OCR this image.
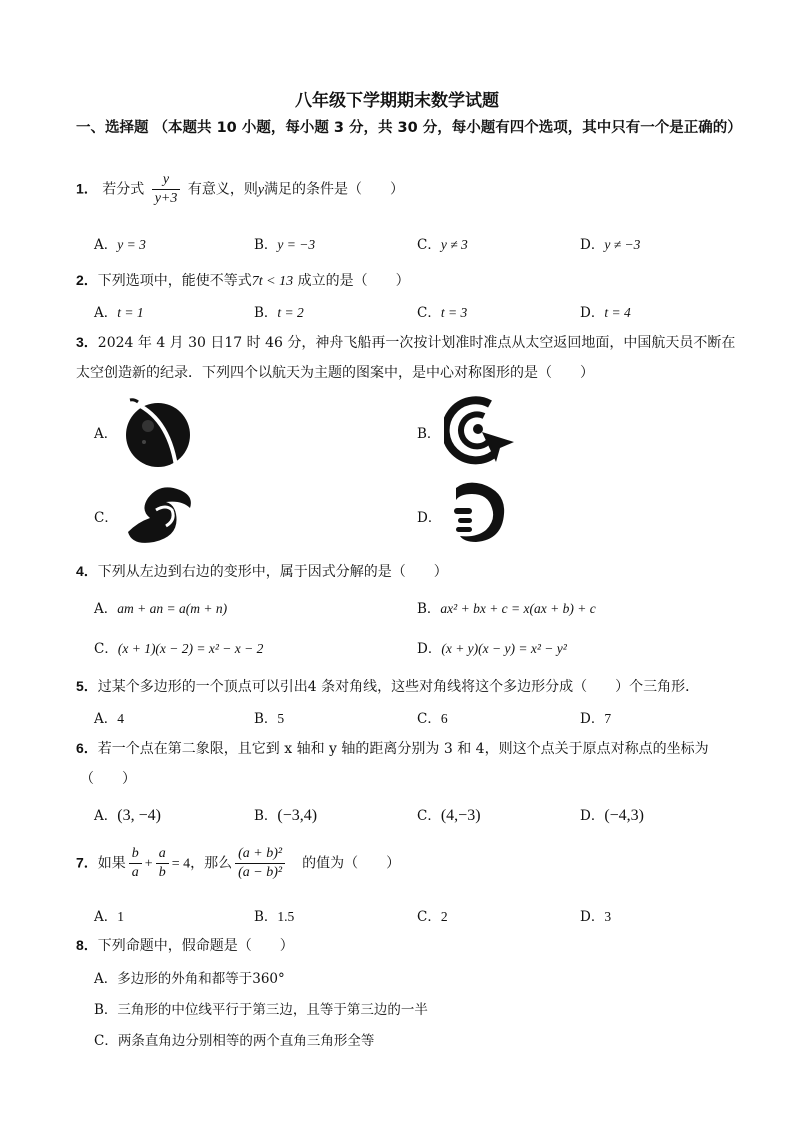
八年级下学期期末数学试题
一、选择题 （本题共 10 小题，每小题 3 分，共 30 分，每小题有四个选项，其中只有一个是正确的）
1． 若分式 $\frac{y}{y+3}$ 有意义，则y满足的条件是（　　）
A．y = 3	B．y = −3	C．y ≠ 3	D．y ≠ −3
2．下列选项中，能使不等式7t < 13 成立的是（　　）
A．t = 1	B．t = 2	C．t = 3	D．t = 4
3．2024 年 4 月 30 日17 时 46 分，神舟飞船再一次按计划准时准点从太空返回地面，中国航天员不断在
太空创造新的纪录．下列四个以航天为主题的图案中，是中心对称图形的是（　　）
A．	B．
C．	D．
4．下列从左边到右边的变形中，属于因式分解的是（　　）
A．am + an = a(m + n)	B．ax² + bx + c = x(ax + b) + c
C．(x + 1)(x − 2) = x² − x − 2	D．(x + y)(x − y) = x² − y²
5．过某个多边形的一个顶点可以引出4 条对角线，这些对角线将这个多边形分成（　　）个三角形．
A．4	B．5	C．6	D．7
6．若一个点在第二象限，且它到 x 轴和 y 轴的距离分别为 3 和 4，则这个点关于原点对称点的坐标为
（　　）
A．(3, −4)	B．(−3,4)	C．(4,−3)	D．(−4,3)
7．如果 $\frac{b}{a} + \frac{a}{b} = 4$，那么 $\frac{\text{(a + b)²}}{\text{(a − b)²}}$
　 的值为（　　）
A．1	B．1.5	C．2	D．3
8．下列命题中，假命题是（　　）
A．多边形的外角和都等于360°
B．三角形的中位线平行于第三边，且等于第三边的一半
C．两条直角边分别相等的两个直角三角形全等
